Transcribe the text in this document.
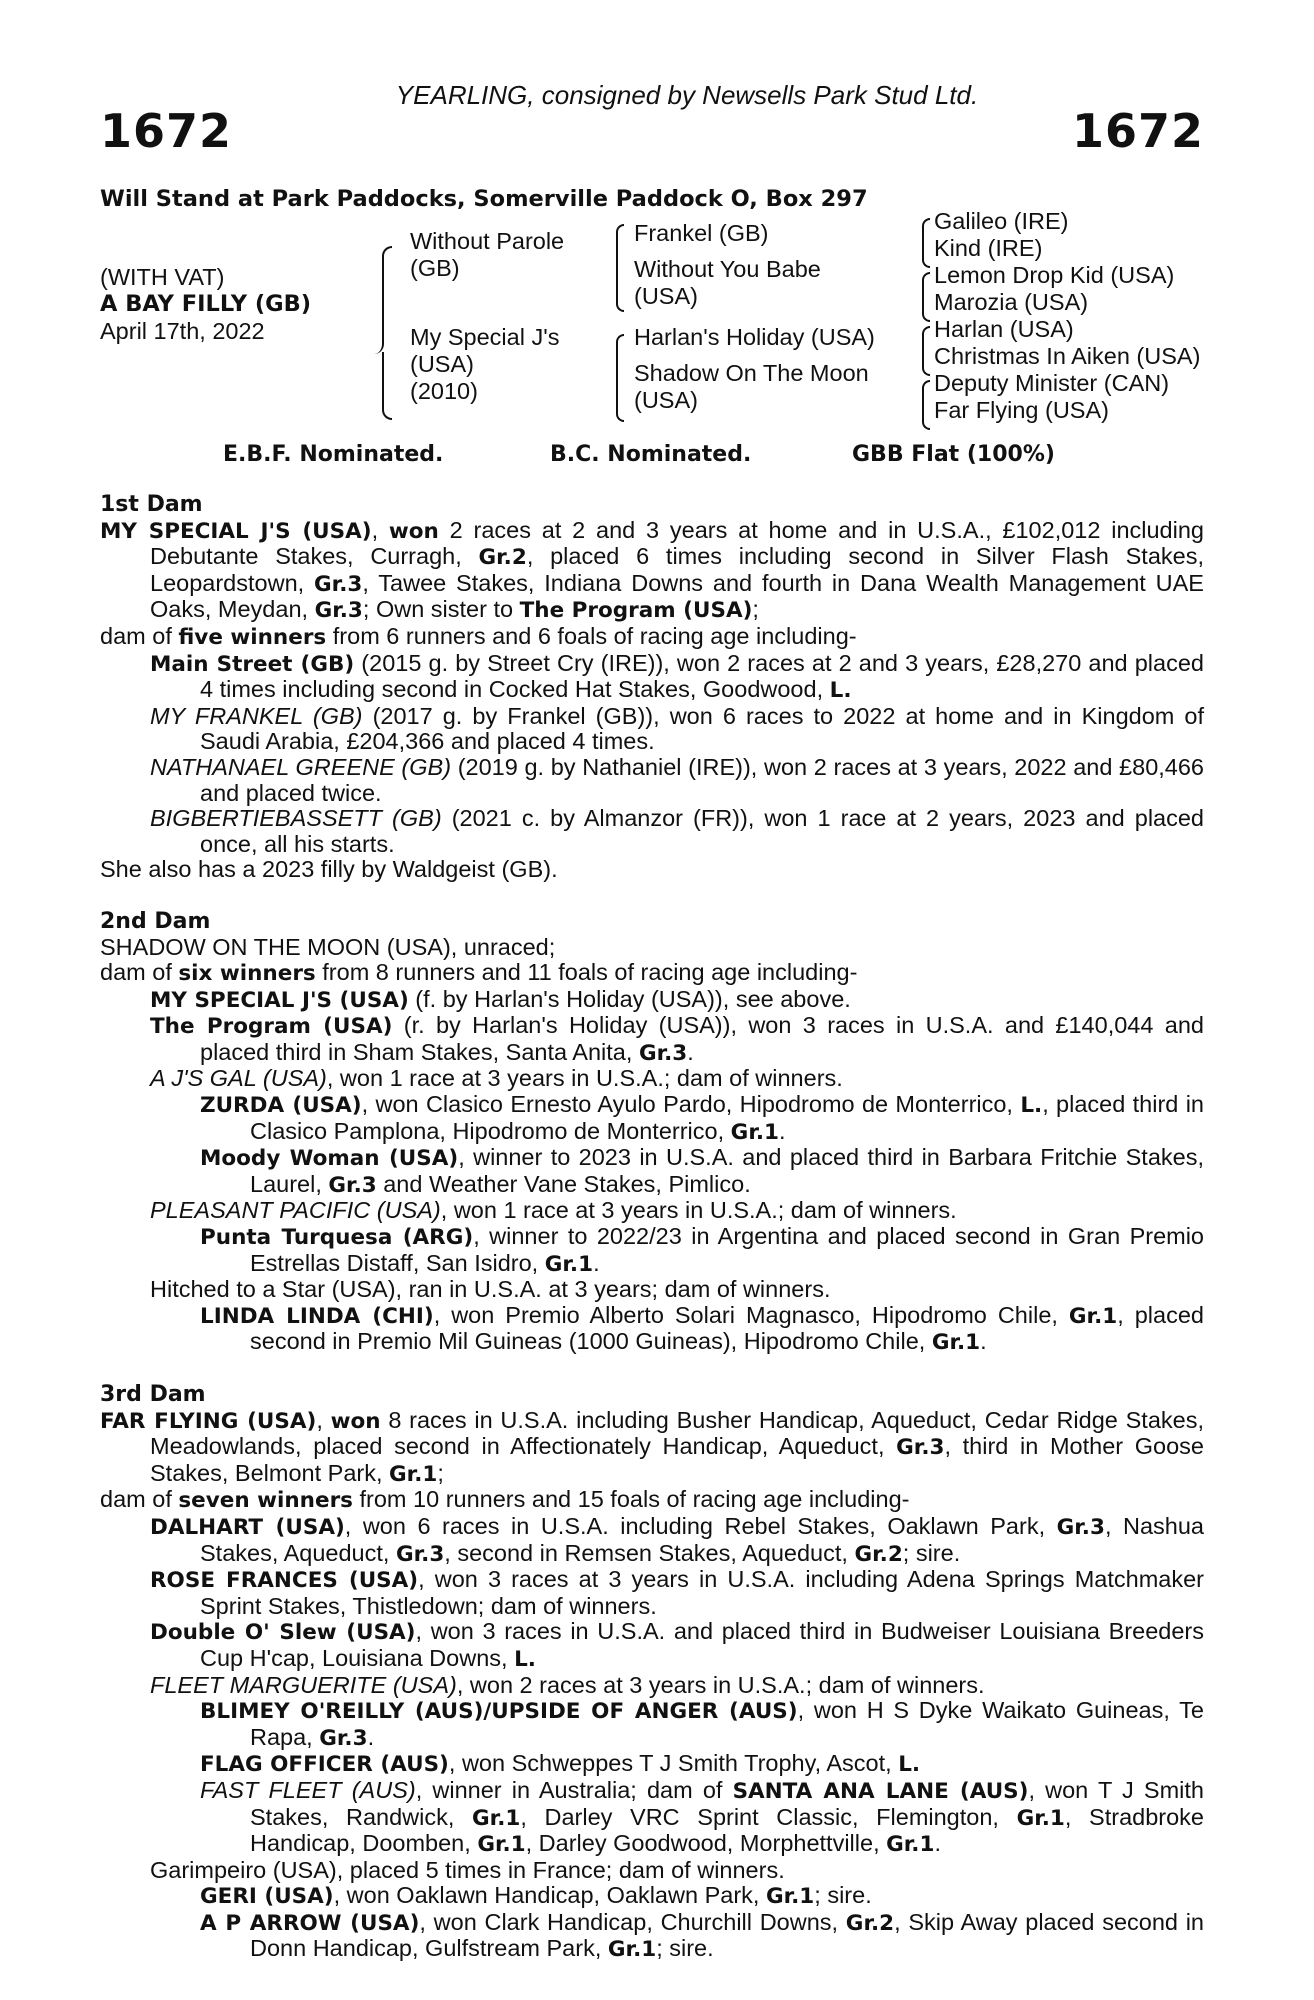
YEARLING, consigned by Newsells Park Stud Ltd.
1672	1672
Will Stand at Park Paddocks, Somerville Paddock O, Box 297
(WITH VAT)
A BAY FILLY (GB)
April 17th, 2022
Without Parole
(GB)
My Special J's
(USA)
(2010)
Frankel (GB)
Without You Babe
(USA)
Harlan's Holiday (USA)
Shadow On The Moon
(USA)
Galileo (IRE)
Kind (IRE)
Lemon Drop Kid (USA)
Marozia (USA)
Harlan (USA)
Christmas In Aiken (USA)
Deputy Minister (CAN)
Far Flying (USA)
E.B.F. Nominated.	B.C. Nominated.	GBB Flat (100%)
1st Dam
MY SPECIAL J'S (USA), won 2 races at 2 and 3 years at home and in U.S.A., £102,012 including Debutante Stakes, Curragh, Gr.2, placed 6 times including second in Silver Flash Stakes, Leopardstown, Gr.3, Tawee Stakes, Indiana Downs and fourth in Dana Wealth Management UAE Oaks, Meydan, Gr.3; Own sister to The Program (USA);
dam of five winners from 6 runners and 6 foals of racing age including-
Main Street (GB) (2015 g. by Street Cry (IRE)), won 2 races at 2 and 3 years, £28,270 and placed 4 times including second in Cocked Hat Stakes, Goodwood, L.
MY FRANKEL (GB) (2017 g. by Frankel (GB)), won 6 races to 2022 at home and in Kingdom of Saudi Arabia, £204,366 and placed 4 times.
NATHANAEL GREENE (GB) (2019 g. by Nathaniel (IRE)), won 2 races at 3 years, 2022 and £80,466 and placed twice.
BIGBERTIEBASSETT (GB) (2021 c. by Almanzor (FR)), won 1 race at 2 years, 2023 and placed once, all his starts.
She also has a 2023 filly by Waldgeist (GB).
2nd Dam
SHADOW ON THE MOON (USA), unraced;
dam of six winners from 8 runners and 11 foals of racing age including-
MY SPECIAL J'S (USA) (f. by Harlan's Holiday (USA)), see above.
The Program (USA) (r. by Harlan's Holiday (USA)), won 3 races in U.S.A. and £140,044 and placed third in Sham Stakes, Santa Anita, Gr.3.
A J'S GAL (USA), won 1 race at 3 years in U.S.A.; dam of winners.
ZURDA (USA), won Clasico Ernesto Ayulo Pardo, Hipodromo de Monterrico, L., placed third in Clasico Pamplona, Hipodromo de Monterrico, Gr.1.
Moody Woman (USA), winner to 2023 in U.S.A. and placed third in Barbara Fritchie Stakes, Laurel, Gr.3 and Weather Vane Stakes, Pimlico.
PLEASANT PACIFIC (USA), won 1 race at 3 years in U.S.A.; dam of winners.
Punta Turquesa (ARG), winner to 2022/23 in Argentina and placed second in Gran Premio Estrellas Distaff, San Isidro, Gr.1.
Hitched to a Star (USA), ran in U.S.A. at 3 years; dam of winners.
LINDA LINDA (CHI), won Premio Alberto Solari Magnasco, Hipodromo Chile, Gr.1, placed second in Premio Mil Guineas (1000 Guineas), Hipodromo Chile, Gr.1.
3rd Dam
FAR FLYING (USA), won 8 races in U.S.A. including Busher Handicap, Aqueduct, Cedar Ridge Stakes, Meadowlands, placed second in Affectionately Handicap, Aqueduct, Gr.3, third in Mother Goose Stakes, Belmont Park, Gr.1;
dam of seven winners from 10 runners and 15 foals of racing age including-
DALHART (USA), won 6 races in U.S.A. including Rebel Stakes, Oaklawn Park, Gr.3, Nashua Stakes, Aqueduct, Gr.3, second in Remsen Stakes, Aqueduct, Gr.2; sire.
ROSE FRANCES (USA), won 3 races at 3 years in U.S.A. including Adena Springs Matchmaker Sprint Stakes, Thistledown; dam of winners.
Double O' Slew (USA), won 3 races in U.S.A. and placed third in Budweiser Louisiana Breeders Cup H'cap, Louisiana Downs, L.
FLEET MARGUERITE (USA), won 2 races at 3 years in U.S.A.; dam of winners.
BLIMEY O'REILLY (AUS)/UPSIDE OF ANGER (AUS), won H S Dyke Waikato Guineas, Te Rapa, Gr.3.
FLAG OFFICER (AUS), won Schweppes T J Smith Trophy, Ascot, L.
FAST FLEET (AUS), winner in Australia; dam of SANTA ANA LANE (AUS), won T J Smith Stakes, Randwick, Gr.1, Darley VRC Sprint Classic, Flemington, Gr.1, Stradbroke Handicap, Doomben, Gr.1, Darley Goodwood, Morphettville, Gr.1.
Garimpeiro (USA), placed 5 times in France; dam of winners.
GERI (USA), won Oaklawn Handicap, Oaklawn Park, Gr.1; sire.
A P ARROW (USA), won Clark Handicap, Churchill Downs, Gr.2, Skip Away placed second in Donn Handicap, Gulfstream Park, Gr.1; sire.
